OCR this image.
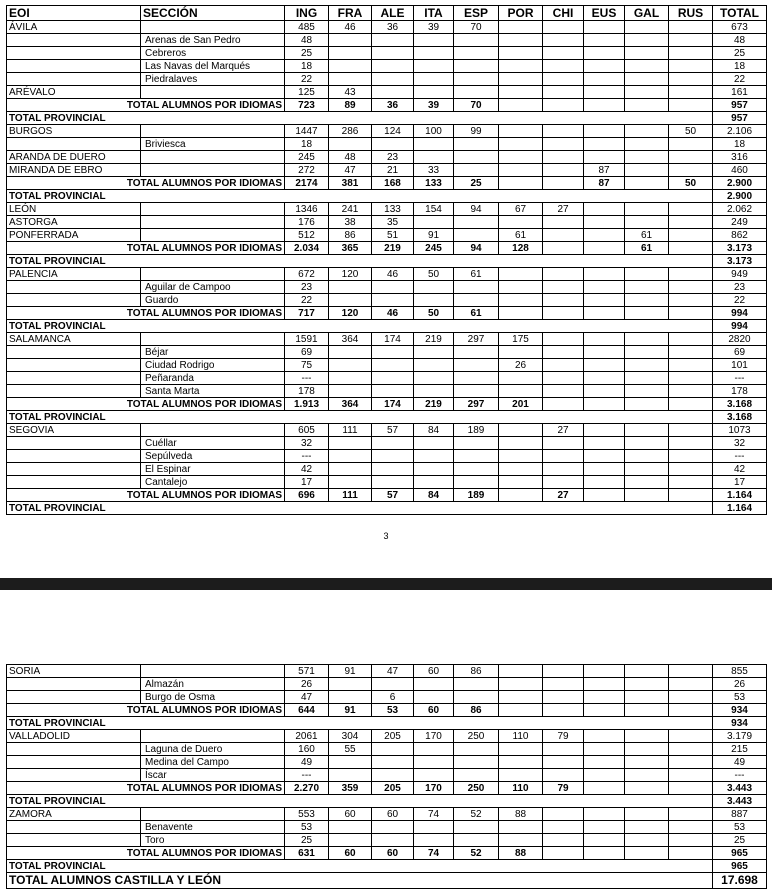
EOI	SECCIÓN	ING	FRA	ALE	ITA	ESP	POR	CHI	EUS	GAL	RUS	TOTAL
ÁVILA		485	46	36	39	70						673
	Arenas de San Pedro	48										48
	Cebreros	25										25
	Las Navas del Marqués	18										18
	Piedralaves	22										22
ARÉVALO		125	43									161
TOTAL ALUMNOS POR IDIOMAS		723	89	36	39	70						957
TOTAL PROVINCIAL												957
BURGOS		1447	286	124	100	99					50	2.106
	Briviesca	18										18
ARANDA DE DUERO		245	48	23								316
MIRANDA DE EBRO		272	47	21	33				87			460
TOTAL ALUMNOS POR IDIOMAS		2174	381	168	133	25			87		50	2.900
TOTAL PROVINCIAL												2.900
LEÓN		1346	241	133	154	94	67	27				2.062
ASTORGA		176	38	35								249
PONFERRADA		512	86	51	91		61			61		862
TOTAL ALUMNOS POR IDIOMAS		2.034	365	219	245	94	128			61		3.173
TOTAL PROVINCIAL												3.173
PALENCIA		672	120	46	50	61						949
	Aguilar de Campoo	23										23
	Guardo	22										22
TOTAL ALUMNOS POR IDIOMAS		717	120	46	50	61						994
TOTAL PROVINCIAL												994
SALAMANCA		1591	364	174	219	297	175					2820
	Béjar	69										69
	Ciudad Rodrigo	75					26					101
	Peñaranda	---										---
	Santa Marta	178										178
TOTAL ALUMNOS POR IDIOMAS		1.913	364	174	219	297	201					3.168
TOTAL PROVINCIAL												3.168
SEGOVIA		605	111	57	84	189		27				1073
	Cuéllar	32										32
	Sepúlveda	---										---
	El Espinar	42										42
	Cantalejo	17										17
TOTAL ALUMNOS POR IDIOMAS		696	111	57	84	189		27				1.164
TOTAL PROVINCIAL												1.164
3
SORIA		571	91	47	60	86						855
	Almazán	26										26
	Burgo de Osma	47		6								53
TOTAL ALUMNOS POR IDIOMAS		644	91	53	60	86						934
TOTAL PROVINCIAL												934
VALLADOLID		2061	304	205	170	250	110	79				3.179
	Laguna de Duero	160	55									215
	Medina del Campo	49										49
	Íscar	---										---
TOTAL ALUMNOS POR IDIOMAS		2.270	359	205	170	250	110	79				3.443
TOTAL PROVINCIAL												3.443
ZAMORA		553	60	60	74	52	88					887
	Benavente	53										53
	Toro	25										25
TOTAL ALUMNOS POR IDIOMAS		631	60	60	74	52	88					965
TOTAL PROVINCIAL												965
TOTAL ALUMNOS CASTILLA Y LEÓN												17.698
